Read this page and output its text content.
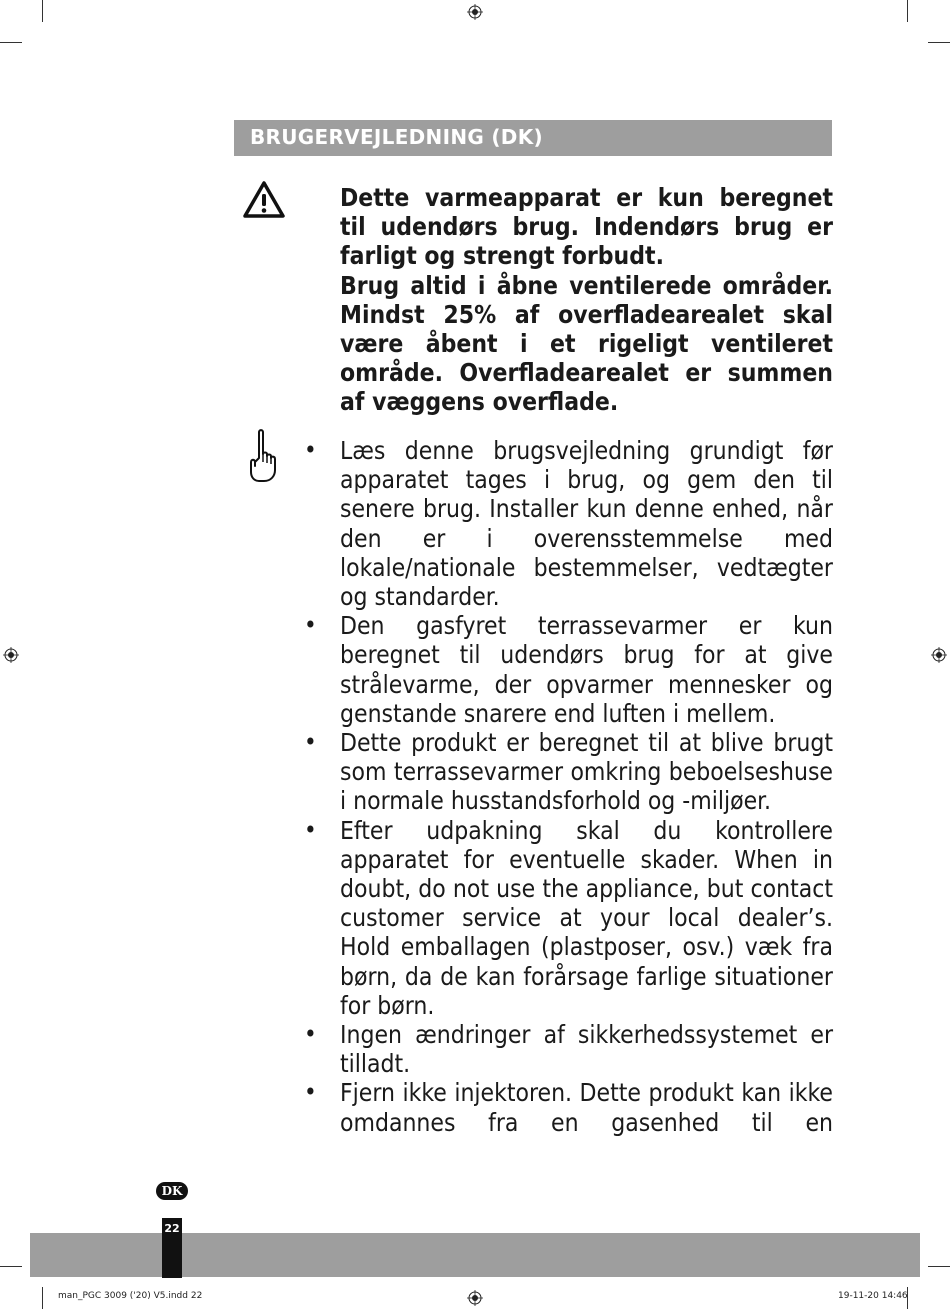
BRUGERVEJLEDNING (DK)

Dette varmeapparat er kun beregnet til udendørs brug. Indendørs brug er farligt og strengt forbudt.

Brug altid i åbne ventilerede områder. Mindst 25% af overfladearealet skal være åbent i et rigeligt ventileret område. Overfladearealet er summen af væggens overflade.

• Læs denne brugsvejledning grundigt før apparatet tages i brug, og gem den til senere brug. Installer kun denne enhed, når den er i overensstemmelse med lokale/nationale bestemmelser, vedtægter og standarder.
• Den gasfyret terrassevarmer er kun beregnet til udendørs brug for at give strålevarme, der opvarmer mennesker og genstande snarere end luften i mellem.
• Dette produkt er beregnet til at blive brugt som terrassevarmer omkring beboelseshuse i normale husstandsforhold og -miljøer.
• Efter udpakning skal du kontrollere apparatet for eventuelle skader. When in doubt, do not use the appliance, but contact customer service at your local dealer’s. Hold emballagen (plastposer, osv.) væk fra børn, da de kan forårsage farlige situationer for børn.
• Ingen ændringer af sikkerhedssystemet er tilladt.
• Fjern ikke injektoren. Dette produkt kan ikke omdannes fra en gasenhed til en
DK
22
man_PGC 3009 ('20) V5.indd 22	19-11-20 14:46
